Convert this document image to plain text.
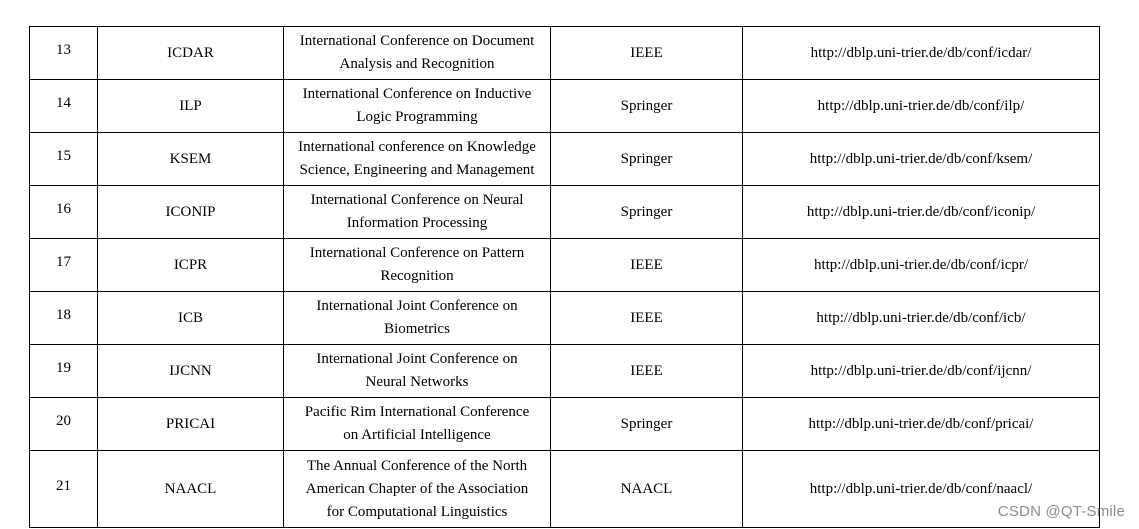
13	ICDAR	International Conference on Document
Analysis and Recognition	IEEE	http://dblp.uni-trier.de/db/conf/icdar/
14	ILP	International Conference on Inductive
Logic Programming	Springer	http://dblp.uni-trier.de/db/conf/ilp/
15	KSEM	International conference on Knowledge
Science, Engineering and Management	Springer	http://dblp.uni-trier.de/db/conf/ksem/
16	ICONIP	International Conference on Neural
Information Processing	Springer	http://dblp.uni-trier.de/db/conf/iconip/
17	ICPR	International Conference on Pattern
Recognition	IEEE	http://dblp.uni-trier.de/db/conf/icpr/
18	ICB	International Joint Conference on
Biometrics	IEEE	http://dblp.uni-trier.de/db/conf/icb/
19	IJCNN	International Joint Conference on
Neural Networks	IEEE	http://dblp.uni-trier.de/db/conf/ijcnn/
20	PRICAI	Pacific Rim International Conference
on Artificial Intelligence	Springer	http://dblp.uni-trier.de/db/conf/pricai/
21	NAACL	The Annual Conference of the North
American Chapter of the Association
for Computational Linguistics	NAACL	http://dblp.uni-trier.de/db/conf/naacl/
CSDN @QT-Smile
